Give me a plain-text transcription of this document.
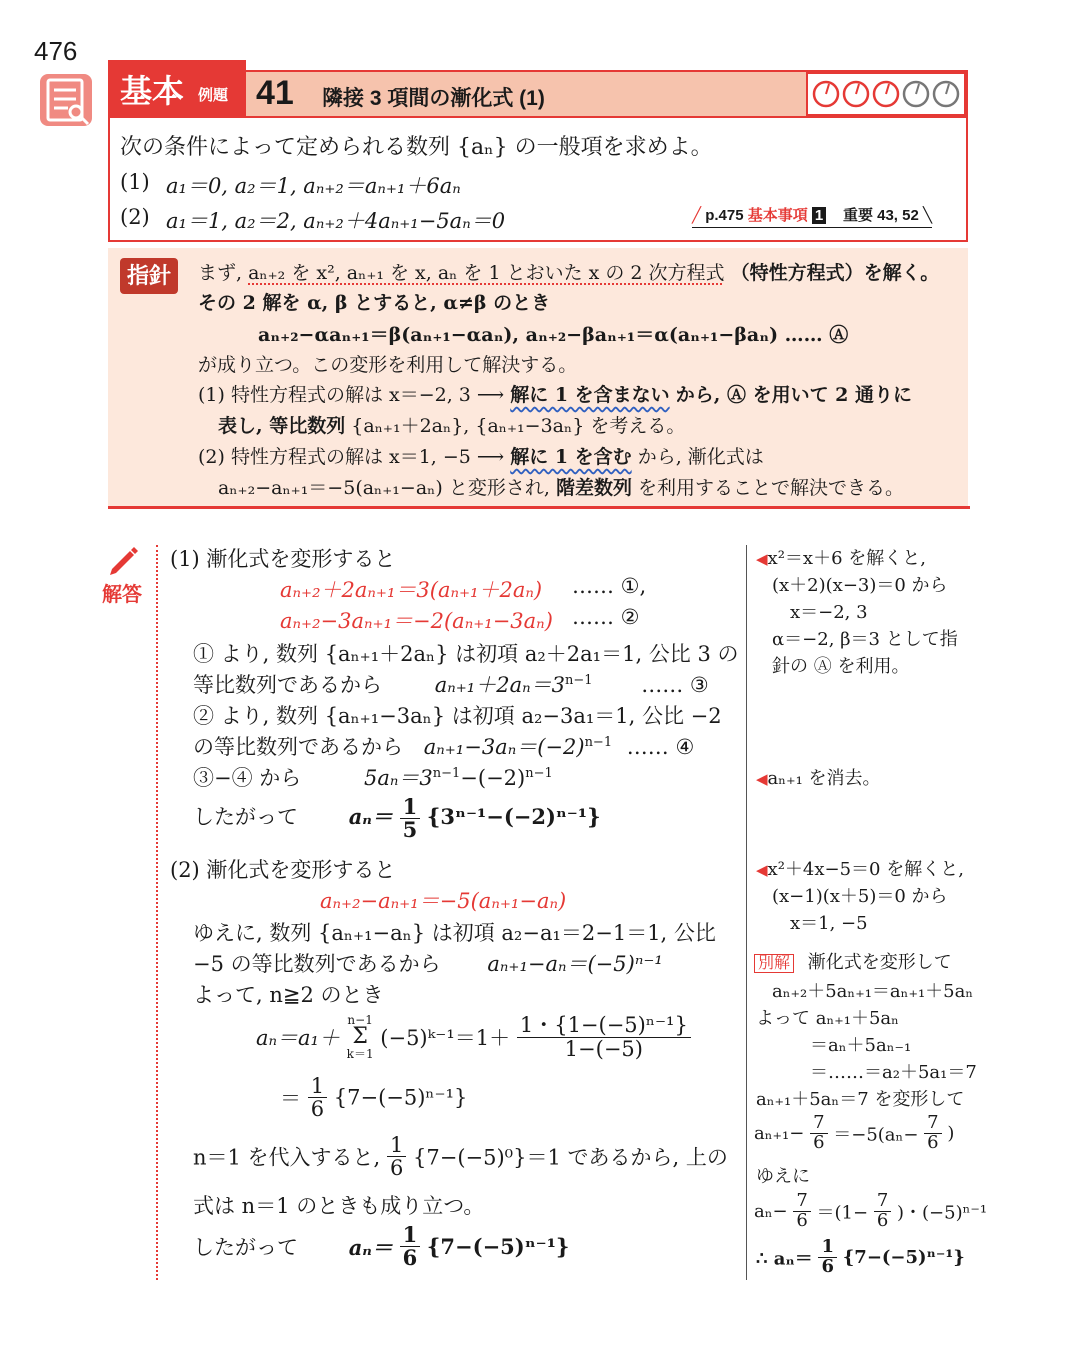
476
基本 例題 41 隣接 3 項間の漸化式 (1)
次の条件によって定められる数列 {aₙ} の一般項を求めよ。
(1) a₁＝0, a₂＝1, aₙ₊₂＝aₙ₊₁＋6aₙ
(2) a₁＝1, a₂＝2, aₙ₊₂＋4aₙ₊₁−5aₙ＝0	╱ p.475 基本事項 1 重要 43, 52 ╲
指針	まず, aₙ₊₂ を x², aₙ₊₁ を x, aₙ を 1 とおいた x の 2 次方程式 （特性方程式）を解く。
その 2 解を α, β とすると, α≠β のとき
aₙ₊₂−αaₙ₊₁＝β(aₙ₊₁−αaₙ), aₙ₊₂−βaₙ₊₁＝α(aₙ₊₁−βaₙ) …… Ⓐ
が成り立つ。この変形を利用して解決する。
(1) 特性方程式の解は x＝−2, 3 ⟶ 解に 1 を含まない から, Ⓐ を用いて 2 通りに
表し, 等比数列 {aₙ₊₁＋2aₙ}, {aₙ₊₁−3aₙ} を考える。
(2) 特性方程式の解は x＝1, −5 ⟶ 解に 1 を含む から, 漸化式は
aₙ₊₂−aₙ₊₁＝−5(aₙ₊₁−aₙ) と変形され, 階差数列 を利用することで解決できる。
解答
(1) 漸化式を変形すると
aₙ₊₂＋2aₙ₊₁＝3(aₙ₊₁＋2aₙ) …… ①,
aₙ₊₂−3aₙ₊₁＝−2(aₙ₊₁−3aₙ) …… ②
① より, 数列 {aₙ₊₁＋2aₙ} は初項 a₂＋2a₁＝1, 公比 3 の
等比数列であるから	$a_{n+1}+2a_n=3^{n-1}$ …… ③
② より, 数列 {aₙ₊₁−3aₙ} は初項 a₂−3a₁＝1, 公比 −2
の等比数列であるから $a_{n+1}-3a_n=(-2)^{n-1}$ …… ④
③−④ から	$5a_n=3^{n-1}-(-2)^{n-1}$
したがって $a_n= \frac{1}{5} \{3^{n-1}-(-2)^{n-1}\}$
(2) 漸化式を変形すると
aₙ₊₂−aₙ₊₁＝−5(aₙ₊₁−aₙ)
ゆえに, 数列 {aₙ₊₁−aₙ} は初項 a₂−a₁＝2−1＝1, 公比
−5 の等比数列であるから aₙ₊₁−aₙ＝(−5)ⁿ⁻¹
よって, n≧2 のとき
aₙ＝a₁＋
n−1
Σ
k＝1
(−5)ᵏ⁻¹＝1＋ $\frac{\text{1・\{1−(−5)ⁿ⁻¹\}}}{1-(-5)}$
＝ $\frac{1}{6} \{7-(-5)^{n-1}\}$
n＝1 を代入すると, $\frac{1}{6} \{7-(-5)^0\}=1$ であるから, 上の
式は n＝1 のときも成り立つ。
したがって $a_n= \frac{1}{6} \{7-(-5)^{n-1}\}$
◀x²＝x＋6 を解くと,
(x＋2)(x−3)＝0 から
x＝−2, 3
α＝−2, β＝3 として指
針の Ⓐ を利用。
◀aₙ₊₁ を消去。
◀x²＋4x−5＝0 を解くと,
(x−1)(x＋5)＝0 から
x＝1, −5
別解 漸化式を変形して
aₙ₊₂＋5aₙ₊₁＝aₙ₊₁＋5aₙ
よって aₙ₊₁＋5aₙ
＝aₙ＋5aₙ₋₁
＝……＝a₂＋5a₁＝7
aₙ₊₁＋5aₙ＝7 を変形して
$a_{n+1}- \frac{7}{6} =-5(a_n- \frac{7}{6}$ )
ゆえに
$a_n- \frac{7}{6} =(1- \frac{7}{6}$ )・(−5)ⁿ⁻¹
∴ $a_n= \frac{1}{6} \{7-(-5)^{n-1}\}$
